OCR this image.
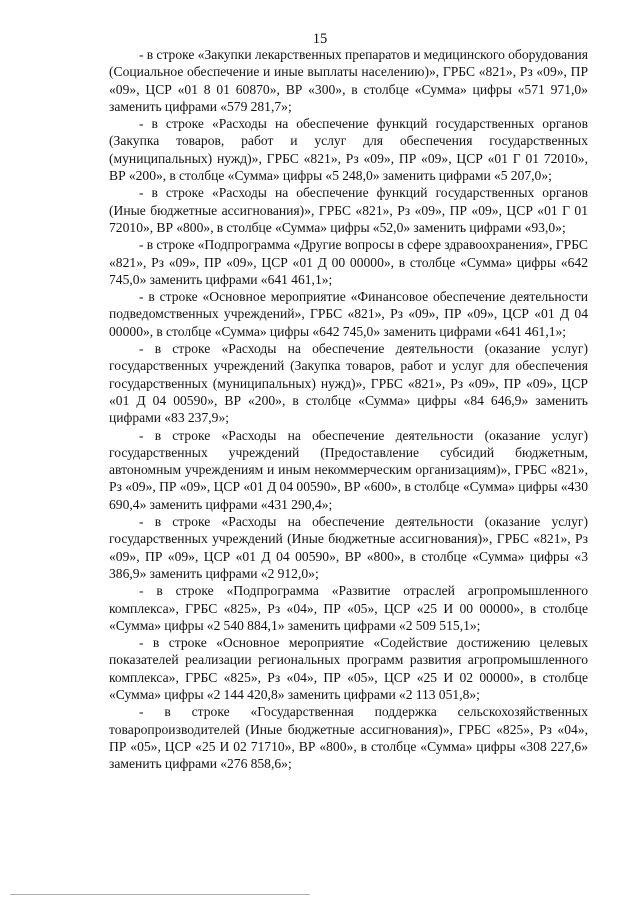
15

- в строке «Закупки лекарственных препаратов и медицинского оборудования (Социальное обеспечение и иные выплаты населению)», ГРБС «821», Рз «09», ПР «09», ЦСР «01 8 01 60870», ВР «300», в столбце «Сумма» цифры «571 971,0» заменить цифрами «579 281,7»;

- в строке «Расходы на обеспечение функций государственных органов (Закупка товаров, работ и услуг для обеспечения государственных (муниципальных) нужд)», ГРБС «821», Рз «09», ПР «09», ЦСР «01 Г 01 72010», ВР «200», в столбце «Сумма» цифры «5 248,0» заменить цифрами «5 207,0»;

- в строке «Расходы на обеспечение функций государственных органов (Иные бюджетные ассигнования)», ГРБС «821», Рз «09», ПР «09», ЦСР «01 Г 01 72010», ВР «800», в столбце «Сумма» цифры «52,0» заменить цифрами «93,0»;

- в строке «Подпрограмма «Другие вопросы в сфере здравоохранения», ГРБС «821», Рз «09», ПР «09», ЦСР «01 Д 00 00000», в столбце «Сумма» цифры «642 745,0» заменить цифрами «641 461,1»;

- в строке «Основное мероприятие «Финансовое обеспечение деятельности подведомственных учреждений», ГРБС «821», Рз «09», ПР «09», ЦСР «01 Д 04 00000», в столбце «Сумма» цифры «642 745,0» заменить цифрами «641 461,1»;

- в строке «Расходы на обеспечение деятельности (оказание услуг) государственных учреждений (Закупка товаров, работ и услуг для обеспечения государственных (муниципальных) нужд)», ГРБС «821», Рз «09», ПР «09», ЦСР «01 Д 04 00590», ВР «200», в столбце «Сумма» цифры «84 646,9» заменить цифрами «83 237,9»;

- в строке «Расходы на обеспечение деятельности (оказание услуг) государственных учреждений (Предоставление субсидий бюджетным, автономным учреждениям и иным некоммерческим организациям)», ГРБС «821», Рз «09», ПР «09», ЦСР «01 Д 04 00590», ВР «600», в столбце «Сумма» цифры «430 690,4» заменить цифрами «431 290,4»;

- в строке «Расходы на обеспечение деятельности (оказание услуг) государственных учреждений (Иные бюджетные ассигнования)», ГРБС «821», Рз «09», ПР «09», ЦСР «01 Д 04 00590», ВР «800», в столбце «Сумма» цифры «3 386,9» заменить цифрами «2 912,0»;

- в строке «Подпрограмма «Развитие отраслей агропромышленного комплекса», ГРБС «825», Рз «04», ПР «05», ЦСР «25 И 00 00000», в столбце «Сумма» цифры «2 540 884,1» заменить цифрами «2 509 515,1»;

- в строке «Основное мероприятие «Содействие достижению целевых показателей реализации региональных программ развития агропромышленного комплекса», ГРБС «825», Рз «04», ПР «05», ЦСР «25 И 02 00000», в столбце «Сумма» цифры «2 144 420,8» заменить цифрами «2 113 051,8»;

- в строке «Государственная поддержка сельскохозяйственных товаропроизводителей (Иные бюджетные ассигнования)», ГРБС «825», Рз «04», ПР «05», ЦСР «25 И 02 71710», ВР «800», в столбце «Сумма» цифры «308 227,6» заменить цифрами «276 858,6»;
